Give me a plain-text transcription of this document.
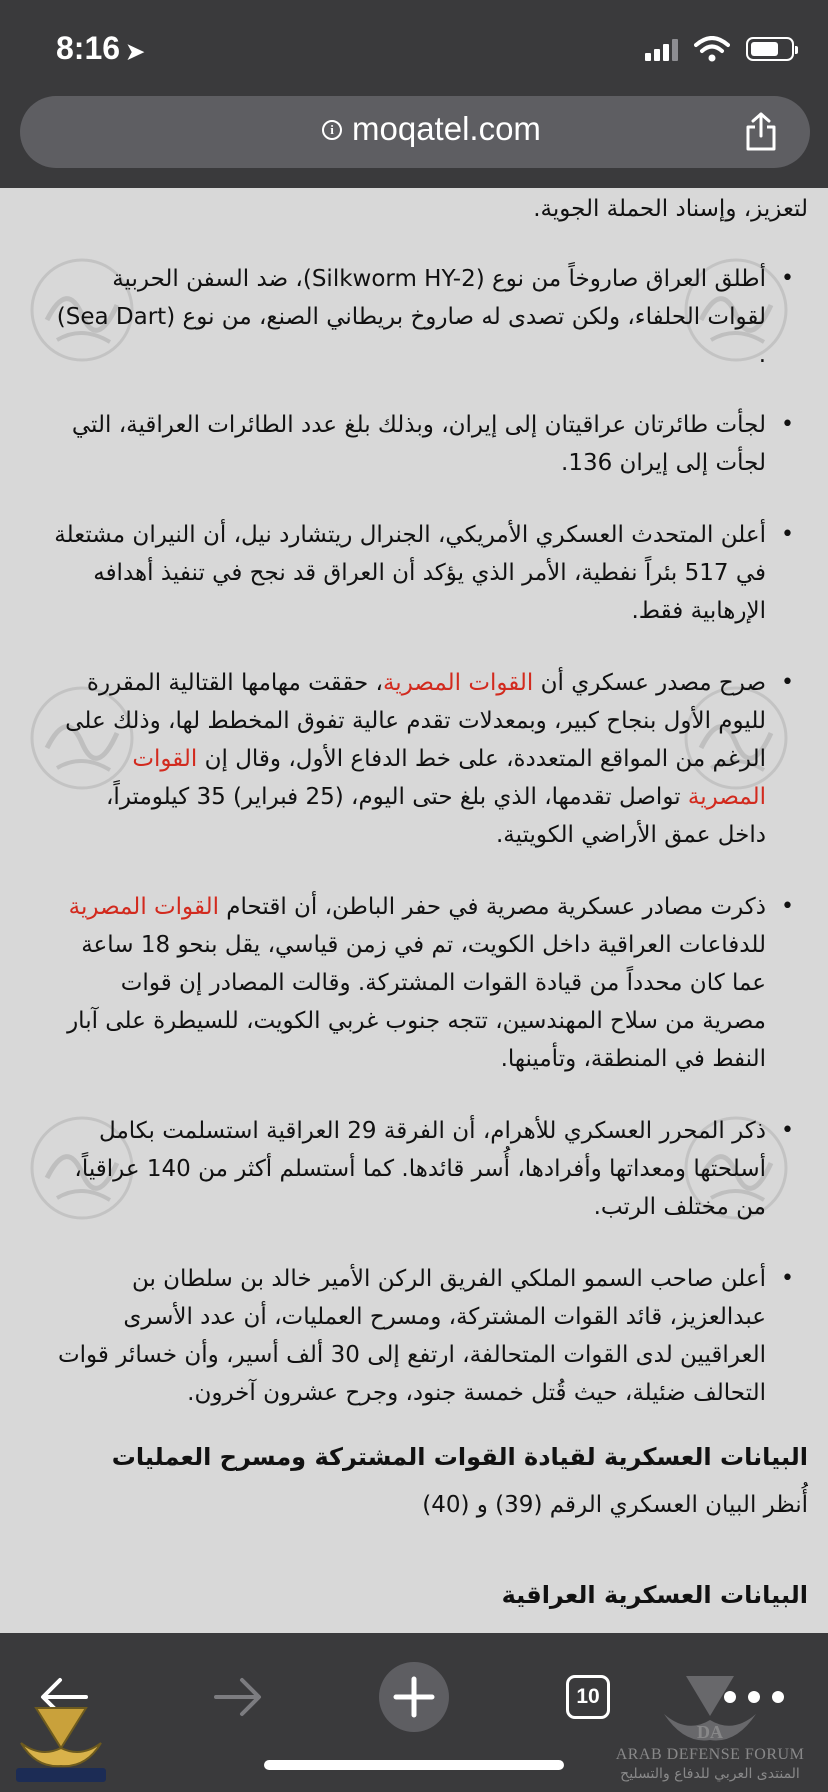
8:16 ➤
i moqatel.com

لتعزيز، وإسناد الحملة الجوية.

• أطلق العراق صاروخاً من نوع (Silkworm HY-2)، ضد السفن الحربية لقوات الحلفاء، ولكن تصدى له صاروخ بريطاني الصنع، من نوع (Sea Dart) .
• لجأت طائرتان عراقيتان إلى إيران، وبذلك بلغ عدد الطائرات العراقية، التي لجأت إلى إيران 136.
• أعلن المتحدث العسكري الأمريكي، الجنرال ريتشارد نيل، أن النيران مشتعلة في 517 بئراً نفطية، الأمر الذي يؤكد أن العراق قد نجح في تنفيذ أهدافه الإرهابية فقط.
• صرح مصدر عسكري أن القوات المصرية، حققت مهامها القتالية المقررة لليوم الأول بنجاح كبير، وبمعدلات تقدم عالية تفوق المخطط لها، وذلك على الرغم من المواقع المتعددة، على خط الدفاع الأول، وقال إن القوات المصرية تواصل تقدمها، الذي بلغ حتى اليوم، (25 فبراير) 35 كيلومتراً، داخل عمق الأراضي الكويتية.
• ذكرت مصادر عسكرية مصرية في حفر الباطن، أن اقتحام القوات المصرية للدفاعات العراقية داخل الكويت، تم في زمن قياسي، يقل بنحو 18 ساعة عما كان محدداً من قيادة القوات المشتركة. وقالت المصادر إن قوات مصرية من سلاح المهندسين، تتجه جنوب غربي الكويت، للسيطرة على آبار النفط في المنطقة، وتأمينها.
• ذكر المحرر العسكري للأهرام، أن الفرقة 29 العراقية استسلمت بكامل أسلحتها ومعداتها وأفرادها، أُسر قائدها. كما أستسلم أكثر من 140 عراقياً، من مختلف الرتب.
• أعلن صاحب السمو الملكي الفريق الركن الأمير خالد بن سلطان بن عبدالعزيز، قائد القوات المشتركة، ومسرح العمليات، أن عدد الأسرى العراقيين لدى القوات المتحالفة، ارتفع إلى 30 ألف أسير، وأن خسائر قوات التحالف ضئيلة، حيث قُتل خمسة جنود، وجرح عشرون آخرون.

البيانات العسكرية لقيادة القوات المشتركة ومسرح العمليات

أُنظر البيان العسكري الرقم (39) و (40)

البيانات العسكرية العراقية

10
DA
ARAB DEFENSE FORUM
المنتدى العربي للدفاع والتسليح
